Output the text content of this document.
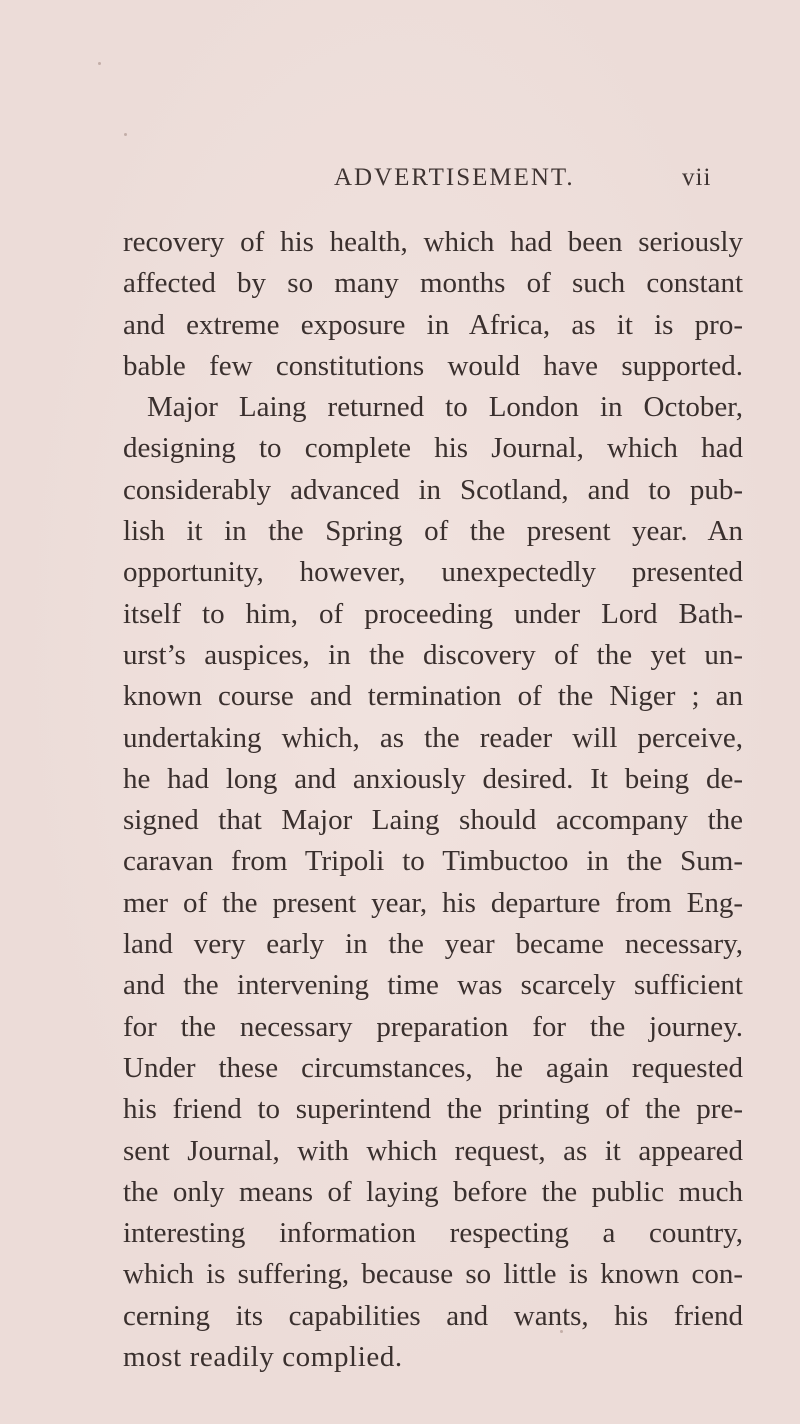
ADVERTISEMENT.	vii
recovery of his health, which had been seriously
affected by so many months of such constant
and extreme exposure in Africa, as it is pro-
bable few constitutions would have supported.
Major Laing returned to London in October,
designing to complete his Journal, which had
considerably advanced in Scotland, and to pub-
lish it in the Spring of the present year. An
opportunity, however, unexpectedly presented
itself to him, of proceeding under Lord Bath-
urst’s auspices, in the discovery of the yet un-
known course and termination of the Niger ; an
undertaking which, as the reader will perceive,
he had long and anxiously desired. It being de-
signed that Major Laing should accompany the
caravan from Tripoli to Timbuctoo in the Sum-
mer of the present year, his departure from Eng-
land very early in the year became necessary,
and the intervening time was scarcely sufficient
for the necessary preparation for the journey.
Under these circumstances, he again requested
his friend to superintend the printing of the pre-
sent Journal, with which request, as it appeared
the only means of laying before the public much
interesting information respecting a country,
which is suffering, because so little is known con-
cerning its capabilities and wants, his friend
most readily complied.
